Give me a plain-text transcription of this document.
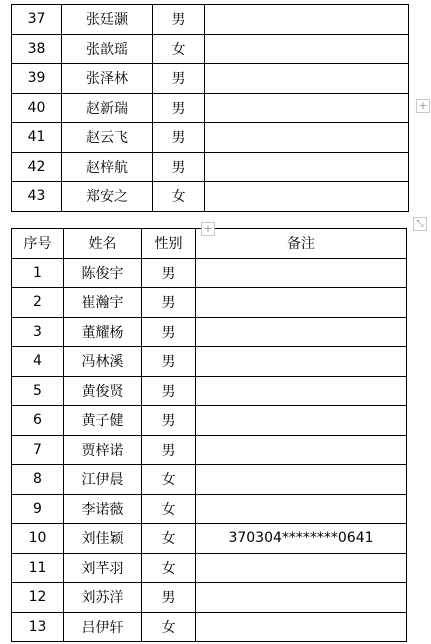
37	张廷灏	男	
38	张歆瑶	女	
39	张泽林	男	
40	赵新瑞	男	
41	赵云飞	男	
42	赵梓航	男	
43	郑安之	女	
序号	姓名	性别	备注
1	陈俊宇	男	
2	崔瀚宇	男	
3	董耀杨	男	
4	冯林溪	男	
5	黄俊贤	男	
6	黄子健	男	
7	贾梓诺	男	
8	江伊晨	女	
9	李诺薇	女	
10	刘佳颖	女	370304********0641
11	刘芊羽	女	
12	刘苏洋	男	
13	吕伊轩	女	
+
+	⤡
